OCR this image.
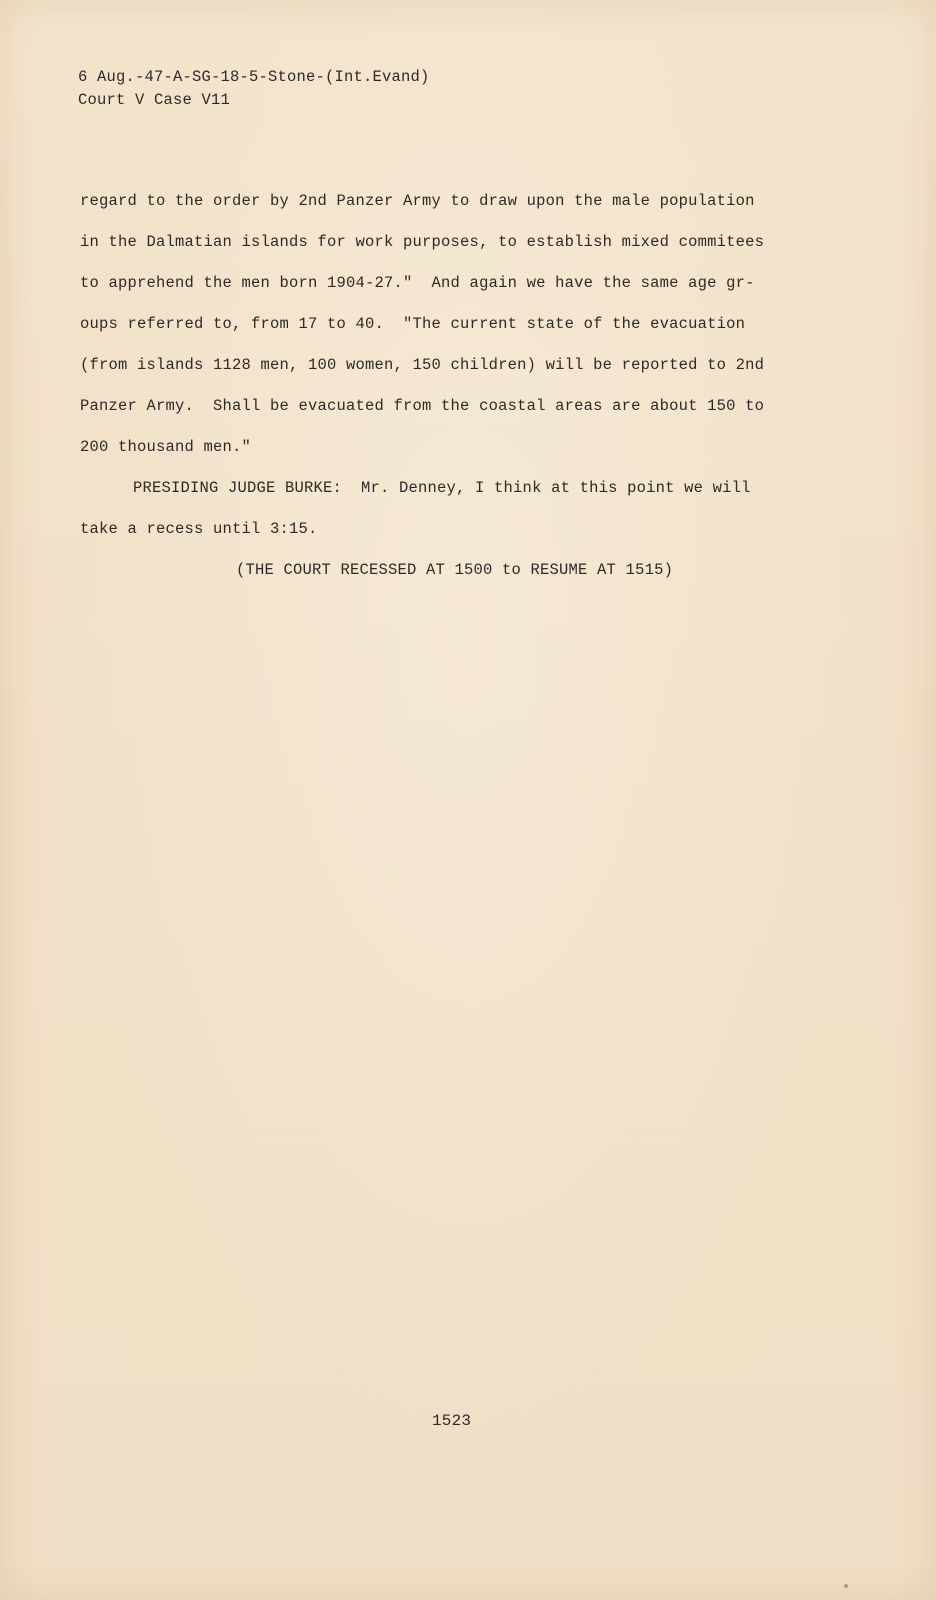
6 Aug.-47-A-SG-18-5-Stone-(Int.Evand)
Court V Case V11
regard to the order by 2nd Panzer Army to draw upon the male population
in the Dalmatian islands for work purposes, to establish mixed commitees
to apprehend the men born 1904-27."  And again we have the same age gr-
oups referred to, from 17 to 40.  "The current state of the evacuation
(from islands 1128 men, 100 women, 150 children) will be reported to 2nd
Panzer Army.  Shall be evacuated from the coastal areas are about 150 to
200 thousand men."
PRESIDING JUDGE BURKE:  Mr. Denney, I think at this point we will
take a recess until 3:15.
(THE COURT RECESSED AT 1500 to RESUME AT 1515)
1523
